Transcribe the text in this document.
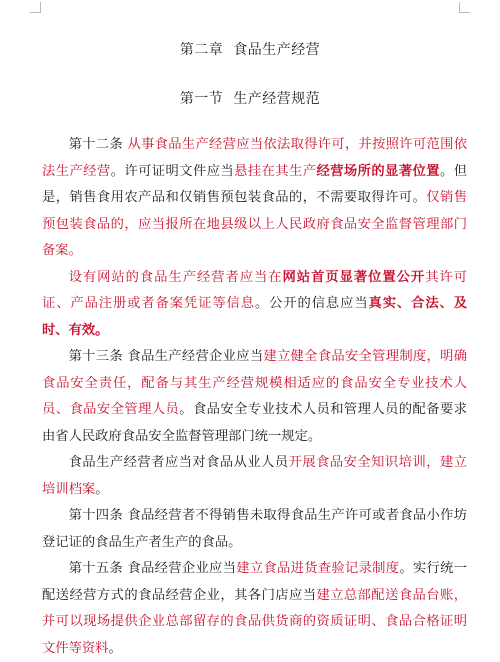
第二章  食品生产经营
第一节  生产经营规范

第十二条 从事食品生产经营应当依法取得许可，并按照许可范围依法生产经营。许可证明文件应当悬挂在其生产经营场所的显著位置。但是，销售食用农产品和仅销售预包装食品的，不需要取得许可。仅销售预包装食品的，应当报所在地县级以上人民政府食品安全监督管理部门备案。

设有网站的食品生产经营者应当在网站首页显著位置公开其许可证、产品注册或者备案凭证等信息。公开的信息应当真实、合法、及时、有效。

第十三条 食品生产经营企业应当建立健全食品安全管理制度，明确食品安全责任，配备与其生产经营规模相适应的食品安全专业技术人员、食品安全管理人员。食品安全专业技术人员和管理人员的配备要求由省人民政府食品安全监督管理部门统一规定。

食品生产经营者应当对食品从业人员开展食品安全知识培训，建立培训档案。

第十四条 食品经营者不得销售未取得食品生产许可或者食品小作坊登记证的食品生产者生产的食品。

第十五条 食品经营企业应当建立食品进货查验记录制度。实行统一配送经营方式的食品经营企业，其各门店应当建立总部配送食品台账，并可以现场提供企业总部留存的食品供货商的资质证明、食品合格证明文件等资料。
